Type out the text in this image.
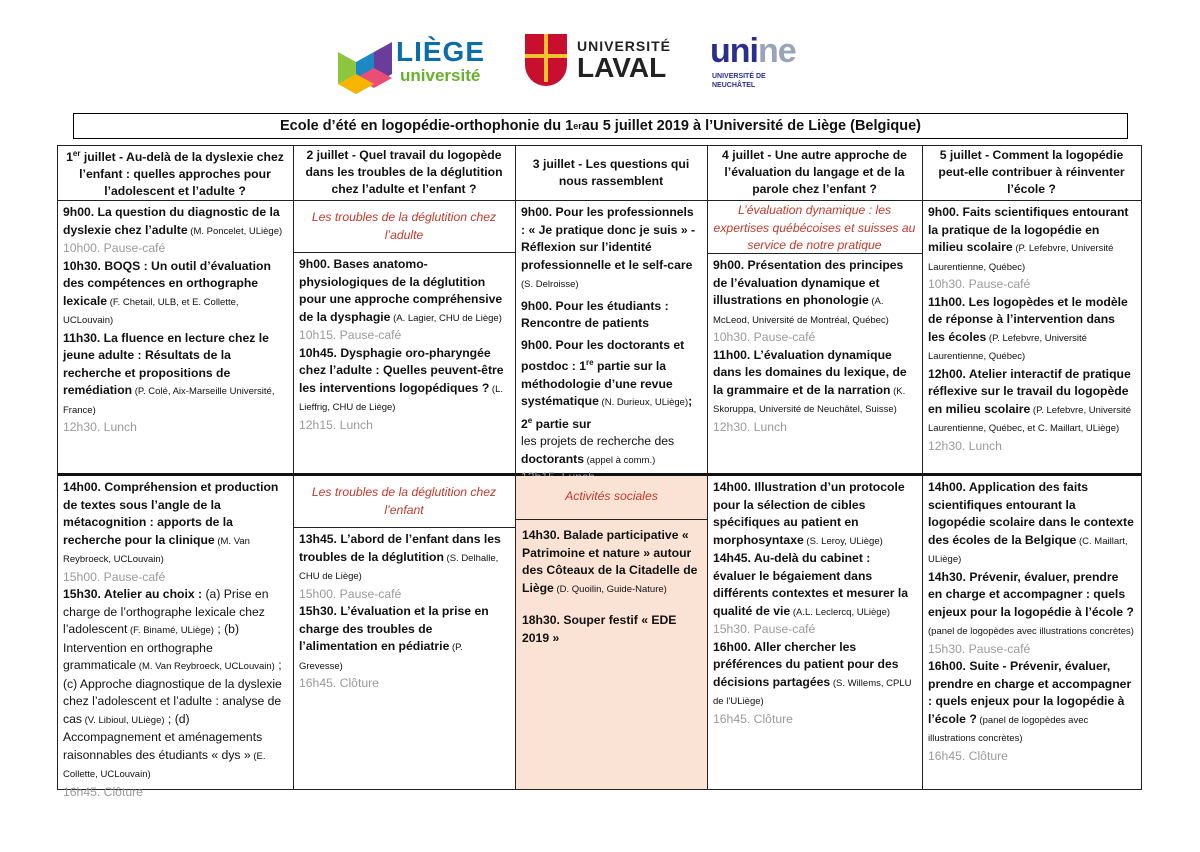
LIÈGE
université
UNIVERSITÉ
LAVAL unine
UNIVERSITÉ DE
NEUCHÂTEL
Ecole d’été en logopédie-orthophonie du 1 er au 5 juillet 2019 à l’Université de Liège (Belgique)
1er juillet - Au-delà de la dyslexie chez l’enfant : quelles approches pour l’adolescent et l’adulte ?
2 juillet - Quel travail du logopède dans les troubles de la déglutition chez l’adulte et l’enfant ?
3 juillet - Les questions qui nous rassemblent
4 juillet - Une autre approche de l’évaluation du langage et de la parole chez l’enfant ?
5 juillet - Comment la logopédie peut-elle contribuer à réinventer l’école ?
9h00. La question du diagnostic de la dyslexie chez l’adulte (M. Poncelet, ULiège)
10h00. Pause-café
10h30. BOQS : Un outil d’évaluation des compétences en orthographe lexicale (F. Chetail, ULB, et E. Collette, UCLouvain)
11h30. La fluence en lecture chez le jeune adulte : Résultats de la recherche et propositions de remédiation (P. Colé, Aix-Marseille Université, France)
12h30. Lunch
Les troubles de la déglutition chez l’adulte
9h00. Bases anatomo-physiologiques de la déglutition pour une approche compréhensive de la dysphagie (A. Lagier, CHU de Liège)
10h15. Pause-café
10h45. Dysphagie oro-pharyngée chez l’adulte : Quelles peuvent-être les interventions logopédiques ? (L. Lieffrig, CHU de Liège)
12h15. Lunch
9h00. Pour les professionnels : « Je pratique donc je suis » - Réflexion sur l’identité professionnelle et le self-care (S. Delroisse)
9h00. Pour les étudiants : Rencontre de patients
9h00. Pour les doctorants et postdoc : 1re partie sur la méthodologie d’une revue systématique (N. Durieux, ULiège); 2e partie sur
les projets de recherche des doctorants (appel à comm.)
L’évaluation dynamique : les expertises québécoises et suisses au service de notre pratique
9h00. Présentation des principes de l’évaluation dynamique et illustrations en phonologie (A. McLeod, Université de Montréal, Québec)
10h30. Pause-café
11h00. L’évaluation dynamique dans les domaines du lexique, de la grammaire et de la narration (K. Skoruppa, Université de Neuchâtel, Suisse)
12h30. Lunch
9h00. Faits scientifiques entourant la pratique de la logopédie en milieu scolaire (P. Lefebvre, Université Laurentienne, Québec)
10h30. Pause-café
11h00. Les logopèdes et le modèle de réponse à l’intervention dans les écoles (P. Lefebvre, Université Laurentienne, Québec)
12h00. Atelier interactif de pratique réflexive sur le travail du logopède en milieu scolaire (P. Lefebvre, Université Laurentienne, Québec, et C. Maillart, ULiège)
12h30. Lunch
14h00. Compréhension et production de textes sous l’angle de la métacognition : apports de la recherche pour la clinique (M. Van Reybroeck, UCLouvain)
15h00. Pause-café
15h30. Atelier au choix : (a) Prise en charge de l’orthographe lexicale chez l’adolescent (F. Binamé, ULiège) ; (b) Intervention en orthographe grammaticale (M. Van Reybroeck, UCLouvain) ; (c) Approche diagnostique de la dyslexie chez l’adolescent et l’adulte : analyse de cas (V. Libioul, ULiège) ; (d) Accompagnement et aménagements raisonnables des étudiants « dys » (E. Collette, UCLouvain)
16h45. Clôture
Les troubles de la déglutition chez l’enfant
13h45. L’abord de l’enfant dans les troubles de la déglutition (S. Delhalle, CHU de Liège)
15h00. Pause-café
15h30. L’évaluation et la prise en charge des troubles de l’alimentation en pédiatrie (P. Grevesse)
16h45. Clôture
Activités sociales
14h30. Balade participative « Patrimoine et nature » autour des Côteaux de la Citadelle de Liège (D. Quoilin, Guide-Nature)
18h30. Souper festif « EDE 2019 »
14h00. Illustration d’un protocole pour la sélection de cibles spécifiques au patient en morphosyntaxe (S. Leroy, ULiège)
14h45. Au-delà du cabinet : évaluer le bégaiement dans différents contextes et mesurer la qualité de vie (A.L. Leclercq, ULiège)
15h30. Pause-café
16h00. Aller chercher les préférences du patient pour des décisions partagées (S. Willems, CPLU de l’ULiège)
16h45. Clôture
14h00. Application des faits scientifiques entourant la logopédie scolaire dans le contexte des écoles de la Belgique (C. Maillart, ULiège)
14h30. Prévenir, évaluer, prendre en charge et accompagner : quels enjeux pour la logopédie à l’école ? (panel de logopèdes avec illustrations concrètes)
15h30. Pause-café
16h00. Suite - Prévenir, évaluer, prendre en charge et accompagner : quels enjeux pour la logopédie à l’école ? (panel de logopèdes avec illustrations concrètes)
16h45. Clôture
